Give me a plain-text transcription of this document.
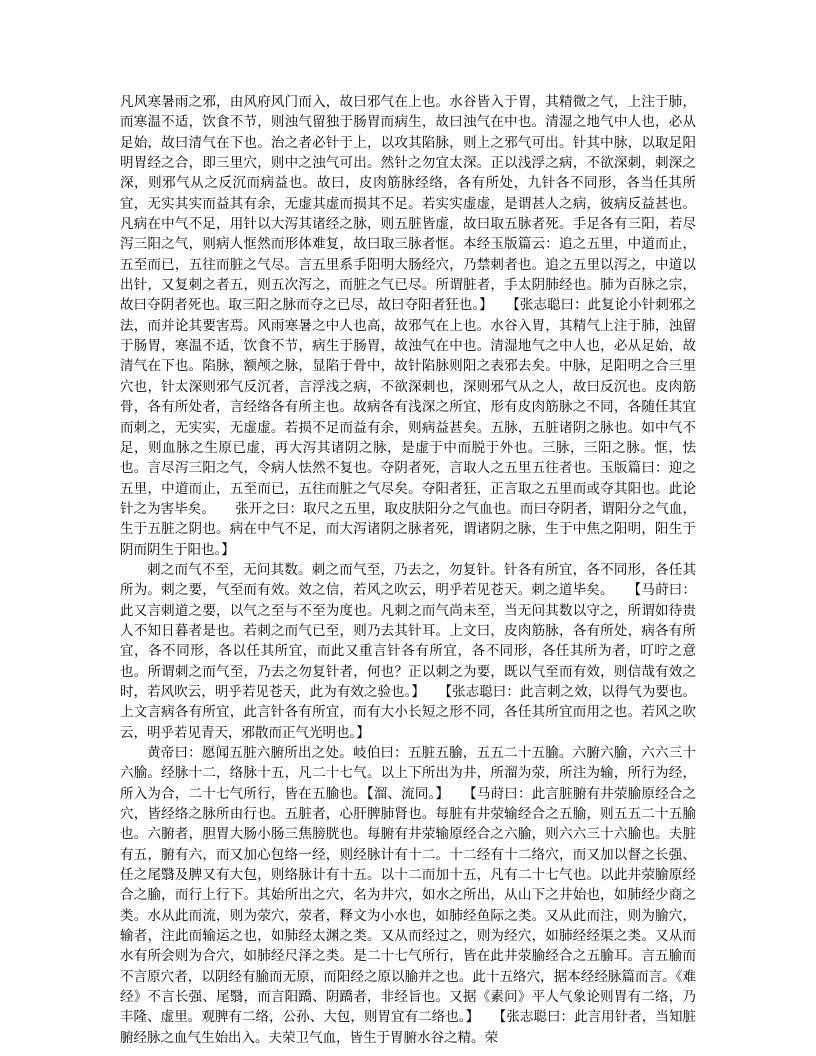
凡风寒暑雨之邪，由风府风门而入，故曰邪气在上也。水谷皆入于胃，其精微之气，上注于肺，而寒温不适，饮食不节，则浊气留独于肠胃而病生，故曰浊气在中也。清湿之地气中人也，必从足始，故曰清气在下也。治之者必针于上，以攻其陷脉，则上之邪气可出。针其中脉，以取足阳明胃经之合，即三里穴，则中之浊气可出。然针之勿宜太深。正以浅浮之病，不欲深刺，刺深之深，则邪气从之反沉而病益也。故曰，皮肉筋脉经络，各有所处，九针各不同形，各当任其所宜，无实其实而益其有余，无虚其虚而损其不足。若实实虚虚，是谓甚人之病，彼病反益甚也。凡病在中气不足，用针以大泻其诸经之脉，则五脏皆虚，故曰取五脉者死。手足各有三阳，若尽泻三阳之气，则病人恇然而形体难复，故曰取三脉者恇。本经玉版篇云：追之五里，中道而止，五至而已，五往而脏之气尽。言五里系手阳明大肠经穴，乃禁刺者也。追之五里以泻之，中道以出针，又复刺之者五，则五次泻之，而脏之气已尽。所谓脏者，手太阴肺经也。肺为百脉之宗，故曰夺阴者死也。取三阳之脉而夺之已尽，故曰夺阳者狂也。】　　【张志聪曰：此复论小针刺邪之法，而并论其要害焉。风雨寒暑之中人也高，故邪气在上也。水谷入胃，其精气上注于肺，浊留于肠胃，寒温不适，饮食不节，病生于肠胃，故浊气在中也。清湿地气之中人也，必从足始，故清气在下也。陷脉，额颅之脉，显陷于骨中，故针陷脉则阳之表邪去矣。中脉，足阳明之合三里穴也，针太深则邪气反沉者，言浮浅之病，不欲深刺也，深则邪气从之人，故曰反沉也。皮肉筋骨，各有所处者，言经络各有所主也。故病各有浅深之所宜，形有皮肉筋脉之不同，各随任其宜而刺之，无实实，无虚虚。若损不足而益有余，则病益甚矣。五脉，五脏诸阴之脉也。如中气不足，则血脉之生原已虚，再大泻其诸阴之脉，是虚于中而脱于外也。三脉，三阳之脉。恇，怯也。言尽泻三阳之气，令病人怯然不复也。夺阴者死，言取人之五里五往者也。玉版篇曰：迎之五里，中道而止，五至而已，五往而脏之气尽矣。夺阳者狂，正言取之五里而或夺其阳也。此论针之为害毕矣。　　张开之曰：取尺之五里，取皮肤阳分之气血也。而曰夺阴者，谓阳分之气血，生于五脏之阴也。病在中气不足，而大泻诸阴之脉者死，谓诸阴之脉，生于中焦之阳明，阳生于阴而阴生于阳也。】

刺之而气不至，无问其数。刺之而气至，乃去之，勿复针。针各有所宜，各不同形，各任其所为。刺之要，气至而有效。效之信，若风之吹云，明乎若见苍天。刺之道毕矣。　　【马莳曰：此又言刺道之要，以气之至与不至为度也。凡刺之而气尚未至，当无问其数以守之，所谓如待贵人不知日暮者是也。若刺之而气已至，则乃去其针耳。上文曰，皮肉筋脉，各有所处，病各有所宜，各不同形，各以任其所宜，而此又重言针各有所宜，各不同形，各任其所为者，叮咛之意也。所谓刺之而气至，乃去之勿复针者，何也？正以刺之为要，既以气至而有效，则信哉有效之时，若风吹云，明乎若见苍天，此为有效之验也。】　　【张志聪曰：此言刺之效，以得气为要也。上文言病各有所宜，此言针各有所宜，而有大小长短之形不同，各任其所宜而用之也。若风之吹云，明乎若见青天，邪散而正气光明也。】

黄帝曰：愿闻五脏六腑所出之处。岐伯曰：五脏五腧，五五二十五腧。六腑六腧，六六三十六腧。经脉十二，络脉十五，凡二十七气。以上下所出为井，所溜为荥，所注为输，所行为经，所入为合，二十七气所行，皆在五腧也。【溜、流同。】　　【马莳曰：此言脏腑有井荥腧原经合之穴，皆经络之脉所由行也。五脏者，心肝脾肺肾也。每脏有井荥输经合之五腧，则五五二十五腧也。六腑者，胆胃大肠小肠三焦膀胱也。每腑有井荥输原经合之六腧，则六六三十六腧也。夫脏有五，腑有六，而又加心包络一经，则经脉计有十二。十二经有十二络穴，而又加以督之长强、任之尾翳及脾又有大包，则络脉计有十五。以十二而加十五，凡有二十七气也。以此井荥腧原经合之腧，而行上行下。其始所出之穴，名为井穴，如水之所出，从山下之井始也，如肺经少商之类。水从此而流，则为荥穴，荥者，释文为小水也，如肺经鱼际之类。又从此而注，则为腧穴，输者，注此而输运之也，如肺经太渊之类。又从而经过之，则为经穴，如肺经经渠之类。又从而水有所会则为合穴，如肺经尺泽之类。是二十七气所行，皆在此井荥腧经合之五腧耳。言五腧而不言原穴者，以阴经有腧而无原，而阳经之原以腧并之也。此十五络穴，据本经经脉篇而言。《难经》不言长强、尾翳，而言阳蹻、阴蹻者，非经旨也。又据《素问》平人气象论则胃有二络，乃丰隆、虚里。观脾有二络，公孙、大包，则胃宜有二络也。】　　【张志聪曰：此言用针者，当知脏腑经脉之血气生始出入。夫荣卫气血，皆生于胃腑水谷之精。荣
